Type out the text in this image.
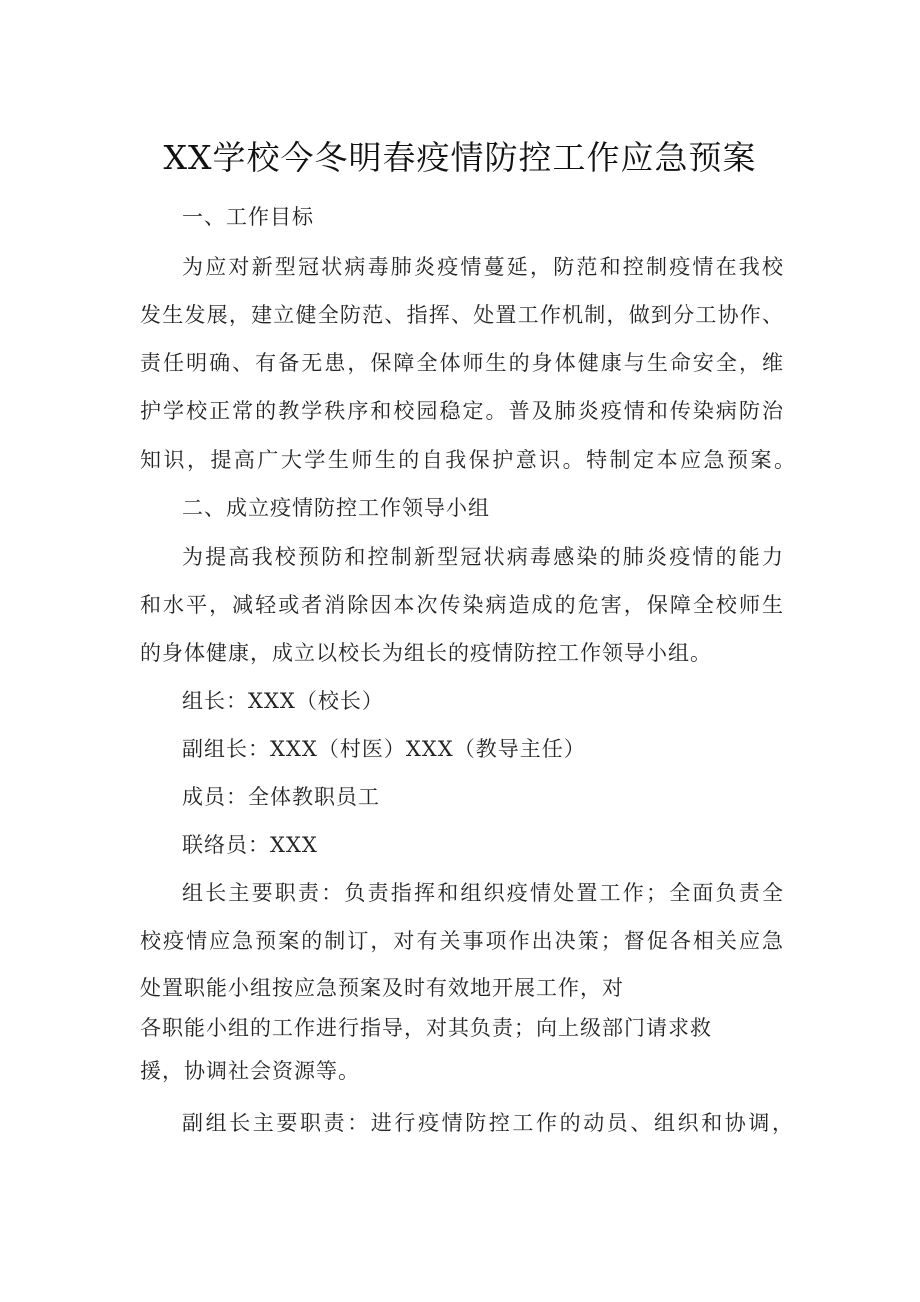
XX学校今冬明春疫情防控工作应急预案

一、工作目标

为应对新型冠状病毒肺炎疫情蔓延，防范和控制疫情在我校

发生发展，建立健全防范、指挥、处置工作机制，做到分工协作、

责任明确、有备无患，保障全体师生的身体健康与生命安全，维

护学校正常的教学秩序和校园稳定。普及肺炎疫情和传染病防治

知识，提高广大学生师生的自我保护意识。特制定本应急预案。

二、成立疫情防控工作领导小组

为提高我校预防和控制新型冠状病毒感染的肺炎疫情的能力

和水平，减轻或者消除因本次传染病造成的危害，保障全校师生

的身体健康，成立以校长为组长的疫情防控工作领导小组。

组长：XXX（校长）

副组长：XXX（村医）XXX（教导主任）

成员：全体教职员工

联络员：XXX

组长主要职责：负责指挥和组织疫情处置工作；全面负责全

校疫情应急预案的制订，对有关事项作出决策；督促各相关应急

处置职能小组按应急预案及时有效地开展工作，对

各职能小组的工作进行指导，对其负责；向上级部门请求救

援，协调社会资源等。

副组长主要职责：进行疫情防控工作的动员、组织和协调，
